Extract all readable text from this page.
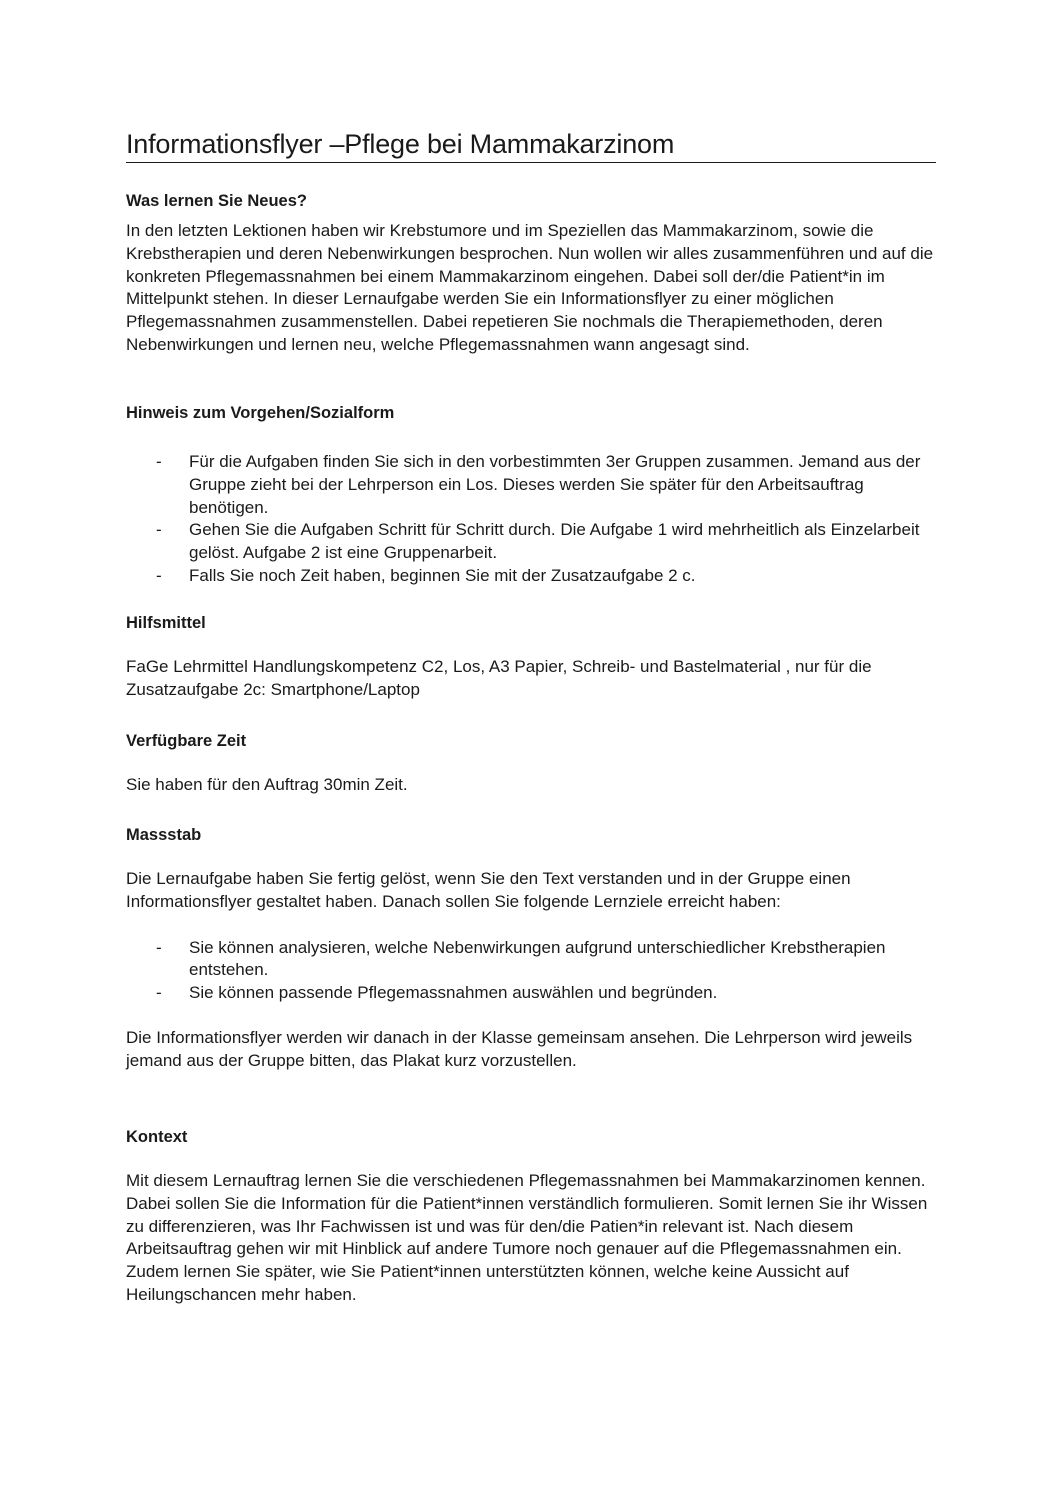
Informationsflyer –Pflege bei Mammakarzinom
Was lernen Sie Neues?

In den letzten Lektionen haben wir Krebstumore und im Speziellen das Mammakarzinom, sowie die Krebstherapien und deren Nebenwirkungen besprochen. Nun wollen wir alles zusammenführen und auf die konkreten Pflegemassnahmen bei einem Mammakarzinom eingehen. Dabei soll der/die Patient*in im Mittelpunkt stehen. In dieser Lernaufgabe werden Sie ein Informationsflyer zu einer möglichen Pflegemassnahmen zusammenstellen. Dabei repetieren Sie nochmals die Therapiemethoden, deren Nebenwirkungen und lernen neu, welche Pflegemassnahmen wann angesagt sind.

Hinweis zum Vorgehen/Sozialform
- Für die Aufgaben finden Sie sich in den vorbestimmten 3er Gruppen zusammen. Jemand aus der Gruppe zieht bei der Lehrperson ein Los. Dieses werden Sie später für den Arbeitsauftrag benötigen.
- Gehen Sie die Aufgaben Schritt für Schritt durch. Die Aufgabe 1 wird mehrheitlich als Einzelarbeit gelöst. Aufgabe 2 ist eine Gruppenarbeit.
- Falls Sie noch Zeit haben, beginnen Sie mit der Zusatzaufgabe 2 c.
Hilfsmittel

FaGe Lehrmittel Handlungskompetenz C2, Los, A3 Papier, Schreib- und Bastelmaterial , nur für die Zusatzaufgabe 2c: Smartphone/Laptop

Verfügbare Zeit

Sie haben für den Auftrag 30min Zeit.

Massstab

Die Lernaufgabe haben Sie fertig gelöst, wenn Sie den Text verstanden und in der Gruppe einen Informationsflyer gestaltet haben. Danach sollen Sie folgende Lernziele erreicht haben:

- Sie können analysieren, welche Nebenwirkungen aufgrund unterschiedlicher Krebstherapien entstehen.
- Sie können passende Pflegemassnahmen auswählen und begründen.

Die Informationsflyer werden wir danach in der Klasse gemeinsam ansehen. Die Lehrperson wird jeweils jemand aus der Gruppe bitten, das Plakat kurz vorzustellen.

Kontext

Mit diesem Lernauftrag lernen Sie die verschiedenen Pflegemassnahmen bei Mammakarzinomen kennen. Dabei sollen Sie die Information für die Patient*innen verständlich formulieren. Somit lernen Sie ihr Wissen zu differenzieren, was Ihr Fachwissen ist und was für den/die Patien*in relevant ist. Nach diesem Arbeitsauftrag gehen wir mit Hinblick auf andere Tumore noch genauer auf die Pflegemassnahmen ein. Zudem lernen Sie später, wie Sie Patient*innen unterstützten können, welche keine Aussicht auf Heilungschancen mehr haben.
